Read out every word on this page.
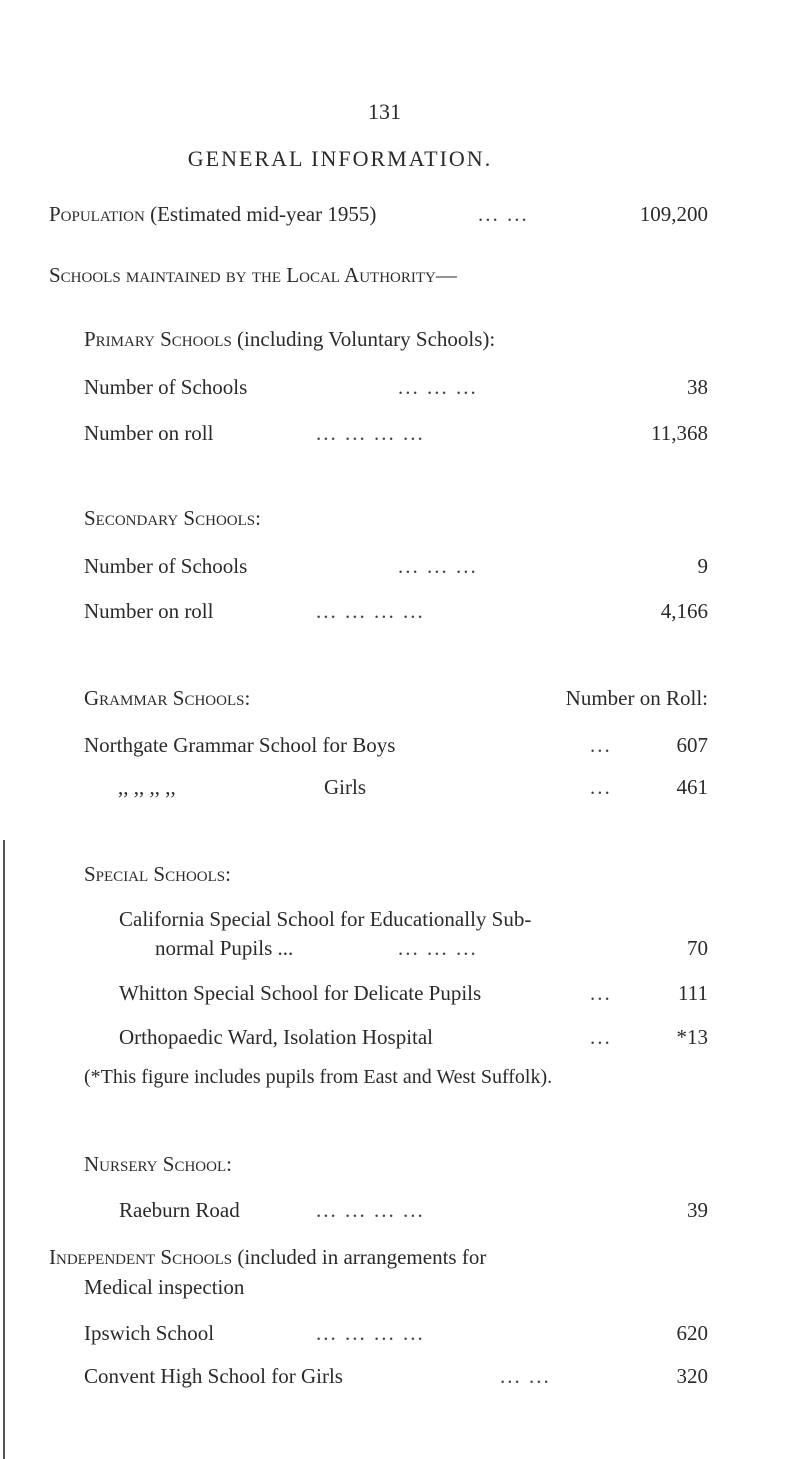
131
GENERAL INFORMATION.
Population (Estimated mid-year 1955)	... ...	109,200
Schools maintained by the Local Authority—
Primary Schools (including Voluntary Schools):
Number of Schools	... ... ...	38
Number on roll	... ... ... ...	11,368
Secondary Schools:
Number of Schools	... ... ...	9
Number on roll	... ... ... ...	4,166
Grammar Schools:	Number on Roll:
Northgate Grammar School for Boys	...	607
,, ,, ,, ,,	Girls	...	461
Special Schools:
California Special School for Educationally Sub-
normal Pupils ...	... ... ...	70
Whitton Special School for Delicate Pupils	...	111
Orthopaedic Ward, Isolation Hospital	...	*13
(*This figure includes pupils from East and West Suffolk).
Nursery School:
Raeburn Road	... ... ... ...	39
Independent Schools (included in arrangements for
Medical inspection
Ipswich School	... ... ... ...	620
Convent High School for Girls	... ...	320
